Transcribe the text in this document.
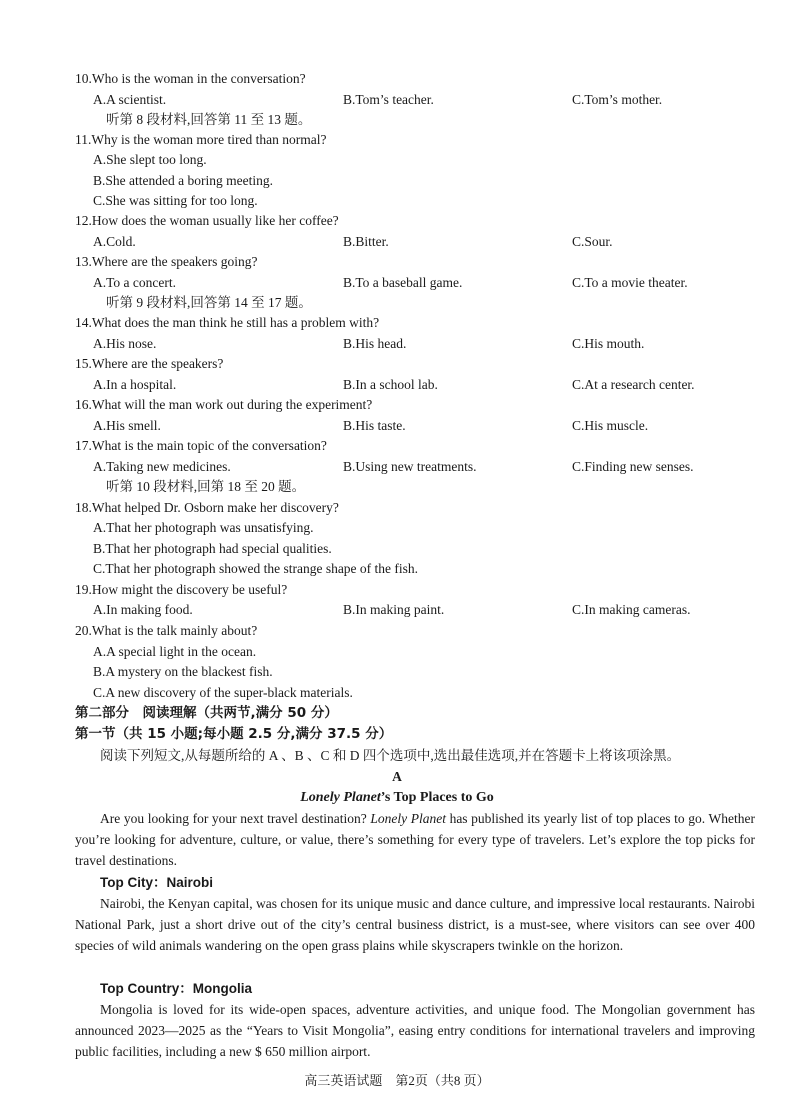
10.Who is the woman in the conversation?
A.A scientist.	B.Tom’s teacher.	C.Tom’s mother.
听第 8 段材料,回答第 11 至 13 题。
11.Why is the woman more tired than normal?
A.She slept too long.
B.She attended a boring meeting.
C.She was sitting for too long.
12.How does the woman usually like her coffee?
A.Cold.	B.Bitter.	C.Sour.
13.Where are the speakers going?
A.To a concert.	B.To a baseball game.	C.To a movie theater.
听第 9 段材料,回答第 14 至 17 题。
14.What does the man think he still has a problem with?
A.His nose.	B.His head.	C.His mouth.
15.Where are the speakers?
A.In a hospital.	B.In a school lab.	C.At a research center.
16.What will the man work out during the experiment?
A.His smell.	B.His taste.	C.His muscle.
17.What is the main topic of the conversation?
A.Taking new medicines.	B.Using new treatments.	C.Finding new senses.
听第 10 段材料,回第 18 至 20 题。
18.What helped Dr. Osborn make her discovery?
A.That her photograph was unsatisfying.
B.That her photograph had special qualities.
C.That her photograph showed the strange shape of the fish.
19.How might the discovery be useful?
A.In making food.	B.In making paint.	C.In making cameras.
20.What is the talk mainly about?
A.A special light in the ocean.
B.A mystery on the blackest fish.
C.A new discovery of the super-black materials.
第二部分　阅读理解（共两节,满分 50 分）
第一节（共 15 小题;每小题 2.5 分,满分 37.5 分）
阅读下列短文,从每题所给的 A 、B 、C 和 D 四个选项中,选出最佳选项,并在答题卡上将该项涂黑。
A
Lonely Planet’s Top Places to Go
Are you looking for your next travel destination? Lonely Planet has published its yearly list of top places to go. Whether you’re looking for adventure, culture, or value, there’s something for every type of travelers. Let’s explore the top picks for travel destinations.
Top City：Nairobi
Nairobi, the Kenyan capital, was chosen for its unique music and dance culture, and impressive local restaurants. Nairobi National Park, just a short drive out of the city’s central business district, is a must-see, where visitors can see over 400 species of wild animals wandering on the open grass plains while skyscrapers twinkle on the horizon.
Top Country：Mongolia
Mongolia is loved for its wide-open spaces, adventure activities, and unique food. The Mongolian government has announced 2023—2025 as the “Years to Visit Mongolia”, easing entry conditions for international travelers and improving public facilities, including a new $ 650 million airport.
高三英语试题　第2页（共8 页）
